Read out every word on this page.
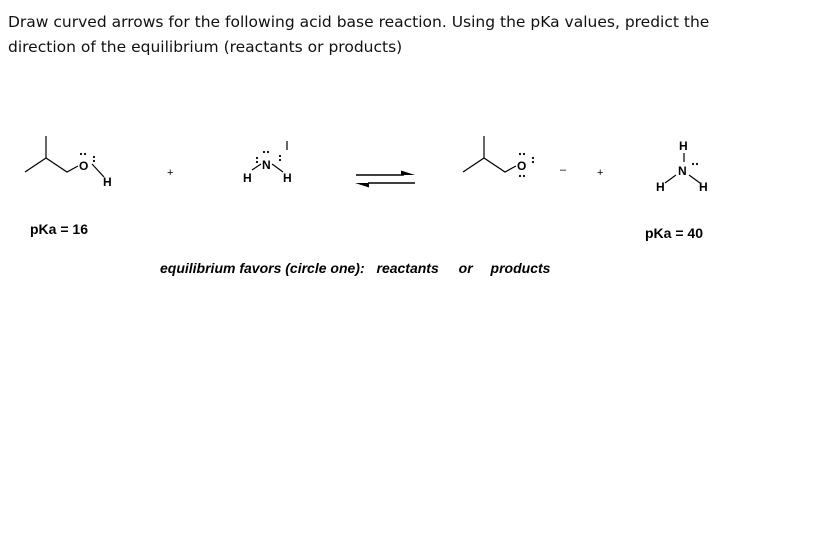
Draw curved arrows for the following acid base reaction. Using the pKa values, predict the
direction of the equilibrium (reactants or products)
O
H
+	H
N
H
O	–	+
H
N
H	H
pKa = 16	pKa = 40
equilibrium favors (circle one): reactants or products
